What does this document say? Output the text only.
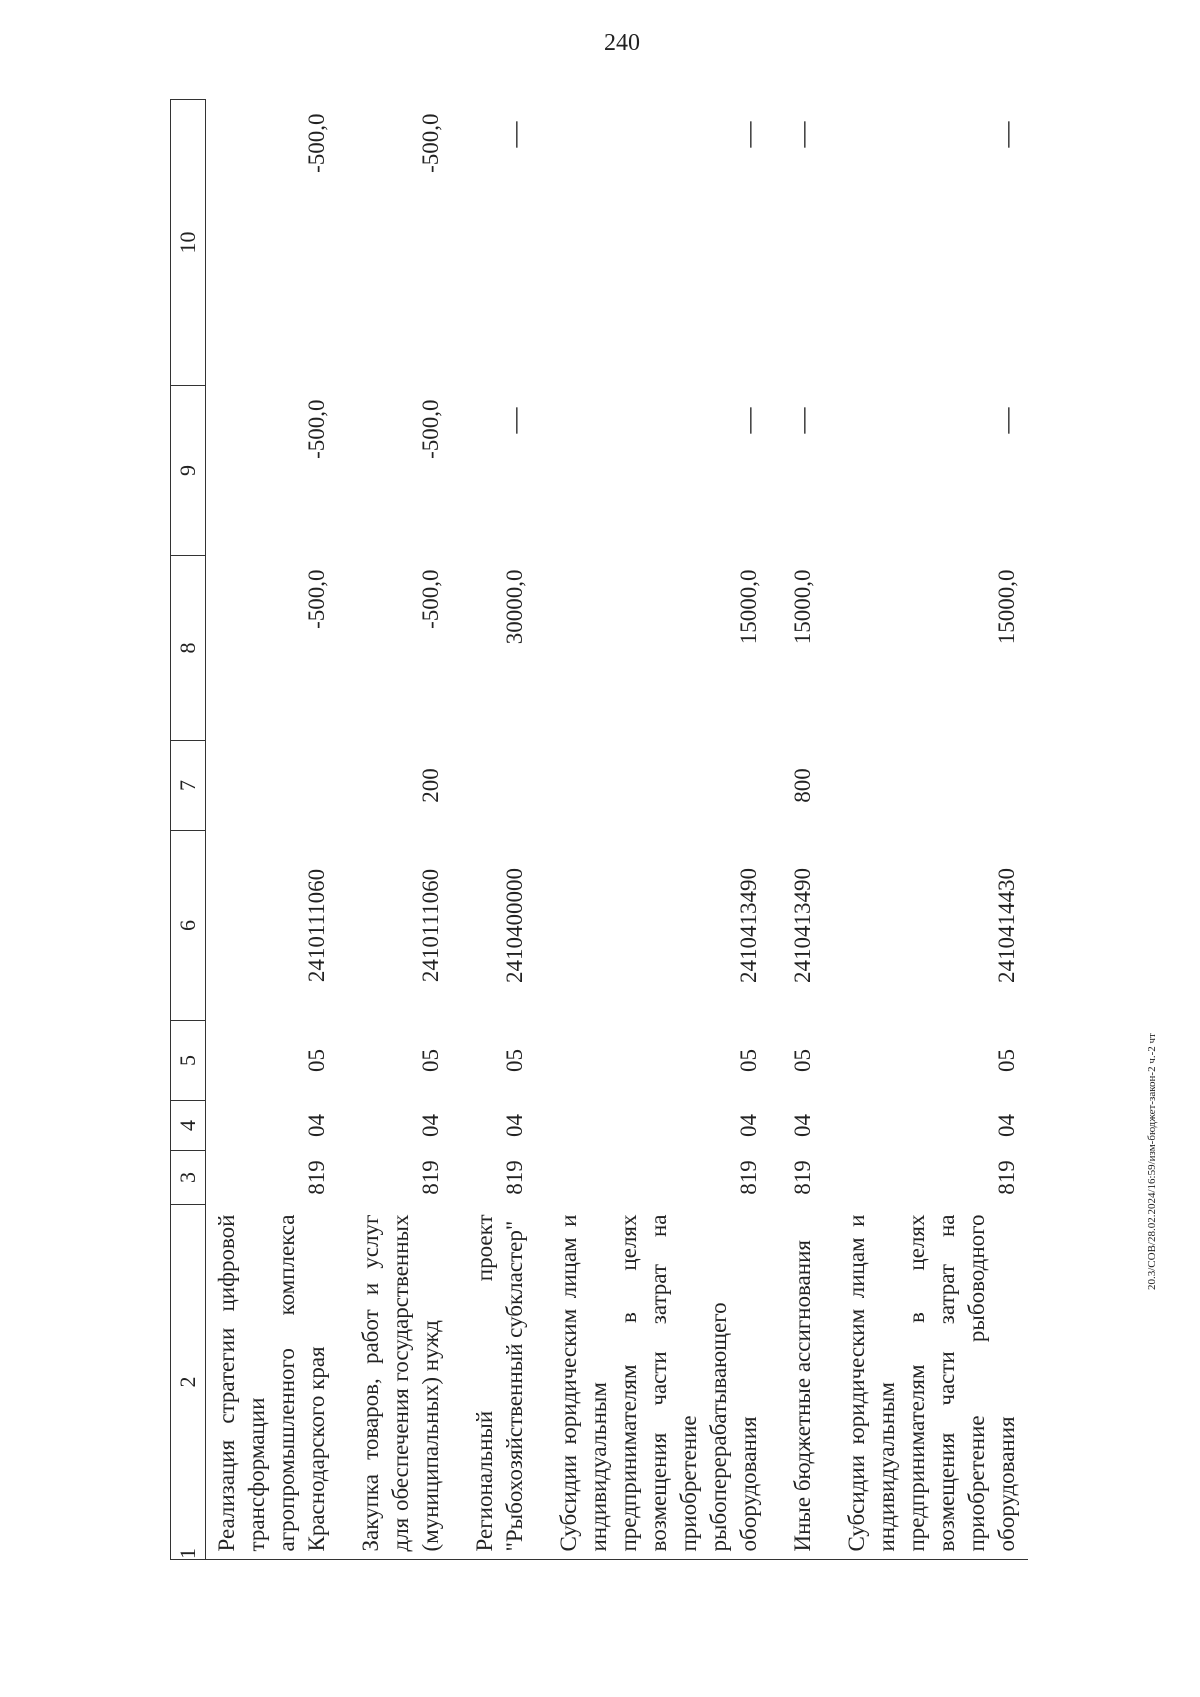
240
1	2	3	4	5	6	7	8	9	10
	Реализация стратегии цифровой трансформации агропромышленного комплекса Краснодарского края	819	04	05	2410111060		-500,0	-500,0	-500,0

	Закупка товаров, работ и услуг для обеспечения государственных (муниципальных) нужд	819	04	05	2410111060	200	-500,0	-500,0	-500,0

	Региональный проект "Рыбохозяйственный субкластер"	819	04	05	2410400000		30000,0	—	—

	Субсидии юридическим лицам и индивидуальным предпринимателям в целях возмещения части затрат на приобретение рыбоперерабатывающего оборудования	819	04	05	2410413490		15000,0	—	—

	Иные бюджетные ассигнования	819	04	05	2410413490	800	15000,0	—	—

	Субсидии юридическим лицам и индивидуальным предпринимателям в целях возмещения части затрат на приобретение рыбоводного оборудования	819	04	05	2410414430		15000,0	—	—
20.3/СОВ/28.02.2024/16:59/изм-бюджет-закон-2 ч.-2 чт
